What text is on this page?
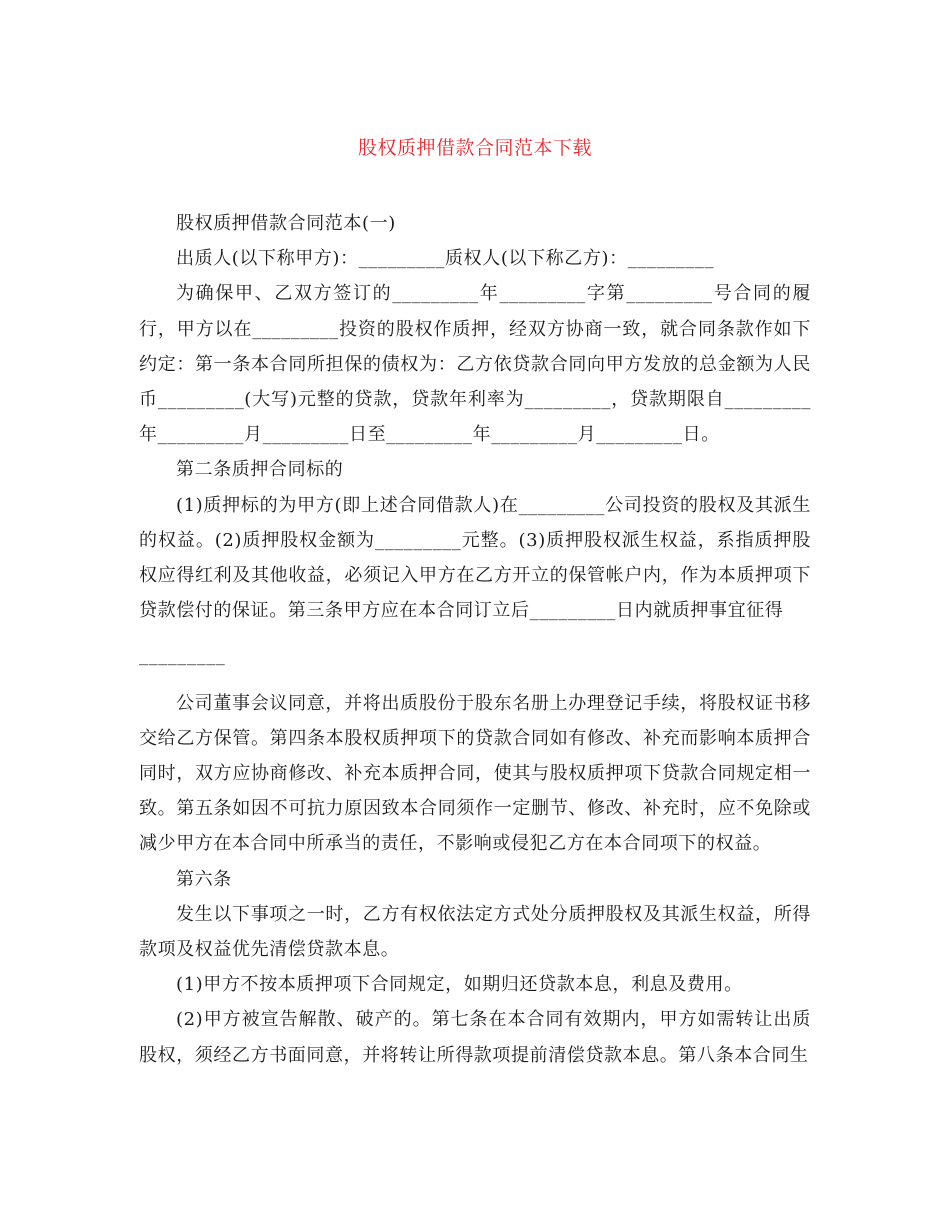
股权质押借款合同范本下载

股权质押借款合同范本(一)

出质人(以下称甲方)：_________质权人(以下称乙方)：_________

为确保甲、乙双方签订的_________年_________字第_________号合同的履行，甲方以在_________投资的股权作质押，经双方协商一致，就合同条款作如下约定：第一条本合同所担保的债权为：乙方依贷款合同向甲方发放的总金额为人民币_________(大写)元整的贷款，贷款年利率为_________，贷款期限自_________年_________月_________日至_________年_________月_________日。

第二条质押合同标的

(1)质押标的为甲方(即上述合同借款人)在_________公司投资的股权及其派生的权益。(2)质押股权金额为_________元整。(3)质押股权派生权益，系指质押股权应得红利及其他收益，必须记入甲方在乙方开立的保管帐户内，作为本质押项下贷款偿付的保证。第三条甲方应在本合同订立后_________日内就质押事宜征得

_________

公司董事会议同意，并将出质股份于股东名册上办理登记手续，将股权证书移交给乙方保管。第四条本股权质押项下的贷款合同如有修改、补充而影响本质押合同时，双方应协商修改、补充本质押合同，使其与股权质押项下贷款合同规定相一致。第五条如因不可抗力原因致本合同须作一定删节、修改、补充时，应不免除或减少甲方在本合同中所承当的责任，不影响或侵犯乙方在本合同项下的权益。

第六条

发生以下事项之一时，乙方有权依法定方式处分质押股权及其派生权益，所得款项及权益优先清偿贷款本息。

(1)甲方不按本质押项下合同规定，如期归还贷款本息，利息及费用。

(2)甲方被宣告解散、破产的。第七条在本合同有效期内，甲方如需转让出质股权，须经乙方书面同意，并将转让所得款项提前清偿贷款本息。第八条本合同生
